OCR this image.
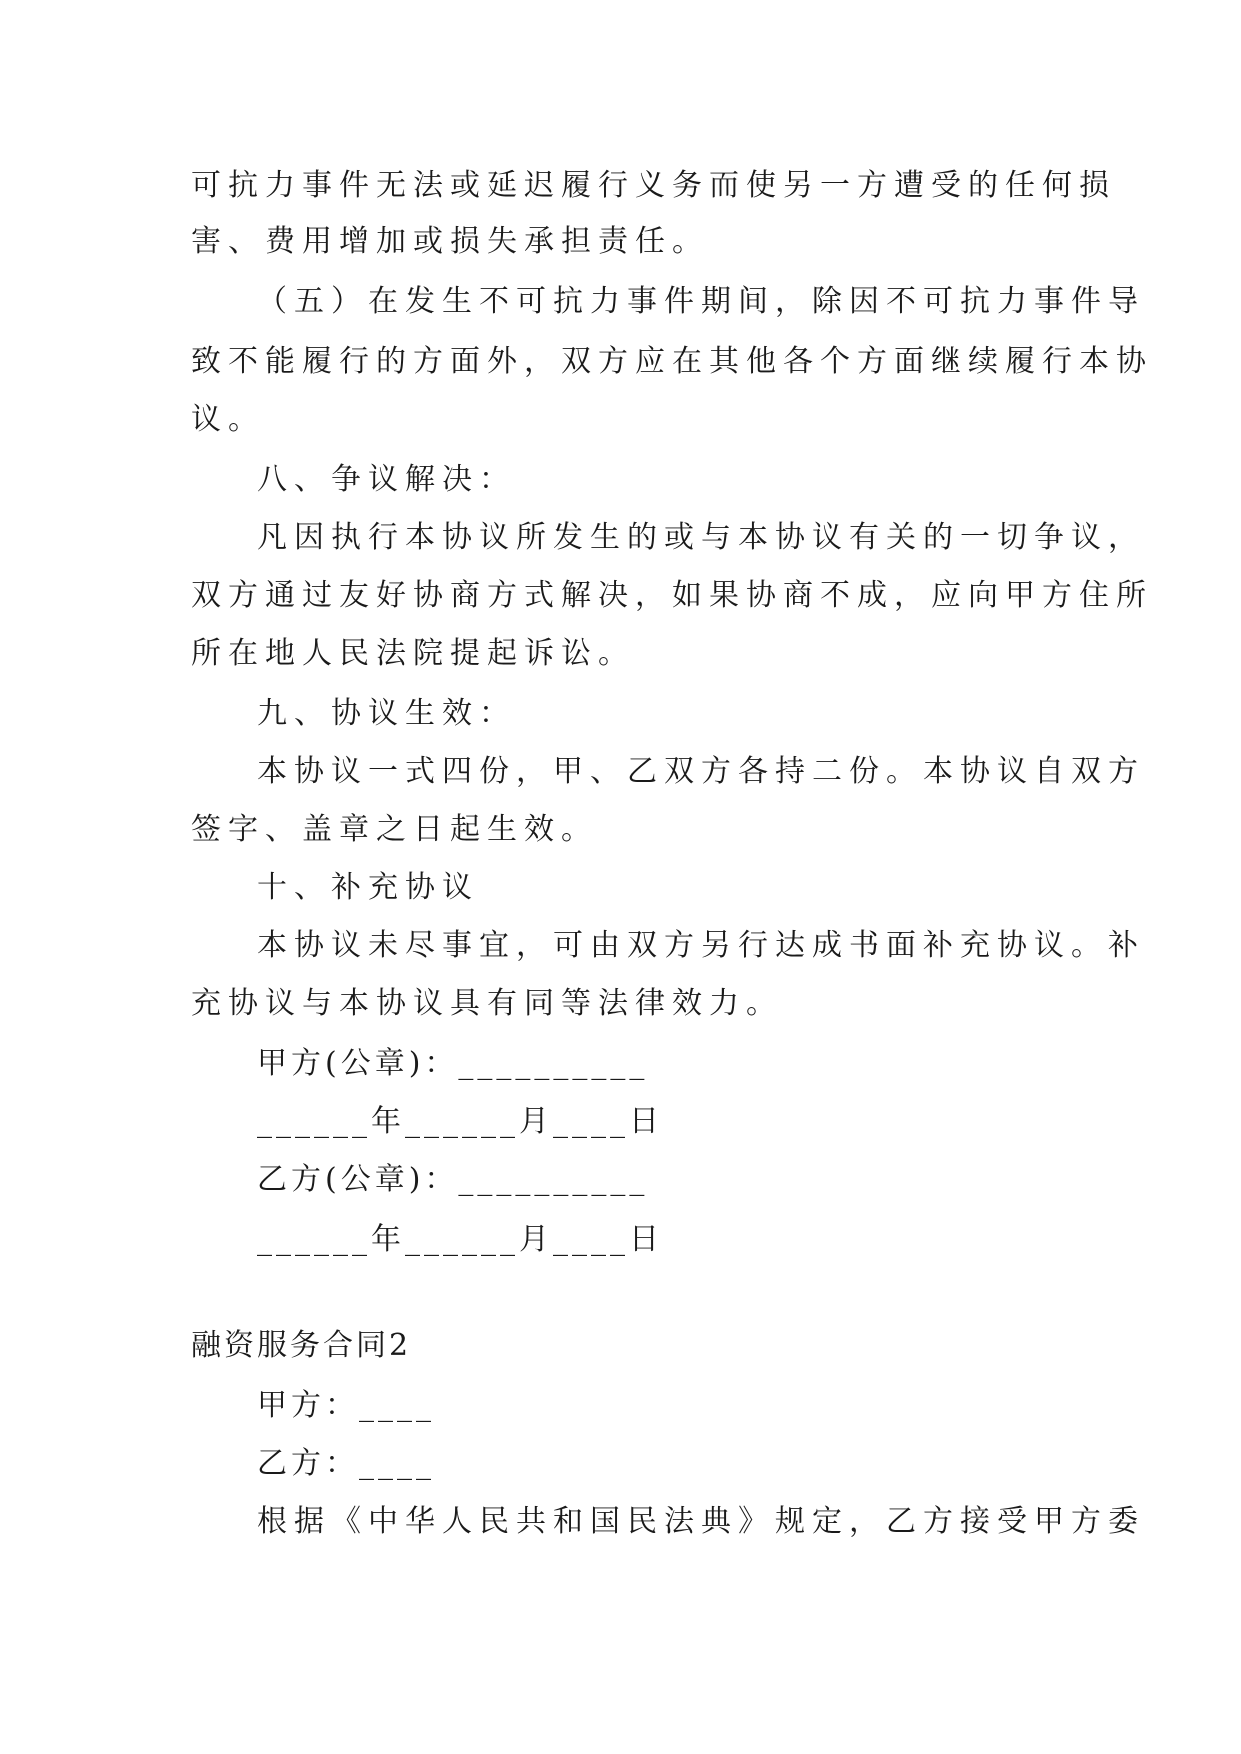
可抗力事件无法或延迟履行义务而使另一方遭受的任何损
害、费用增加或损失承担责任。
（五）在发生不可抗力事件期间，除因不可抗力事件导
致不能履行的方面外，双方应在其他各个方面继续履行本协
议。
八、争议解决：
凡因执行本协议所发生的或与本协议有关的一切争议，
双方通过友好协商方式解决，如果协商不成，应向甲方住所
所在地人民法院提起诉讼。
九、协议生效：
本协议一式四份，甲、乙双方各持二份。本协议自双方
签字、盖章之日起生效。
十、补充协议
本协议未尽事宜，可由双方另行达成书面补充协议。补
充协议与本协议具有同等法律效力。
甲方(公章)：__________
______年______月____日
乙方(公章)：__________
______年______月____日
融资服务合同2
甲方：____
乙方：____
根据《中华人民共和国民法典》规定，乙方接受甲方委
